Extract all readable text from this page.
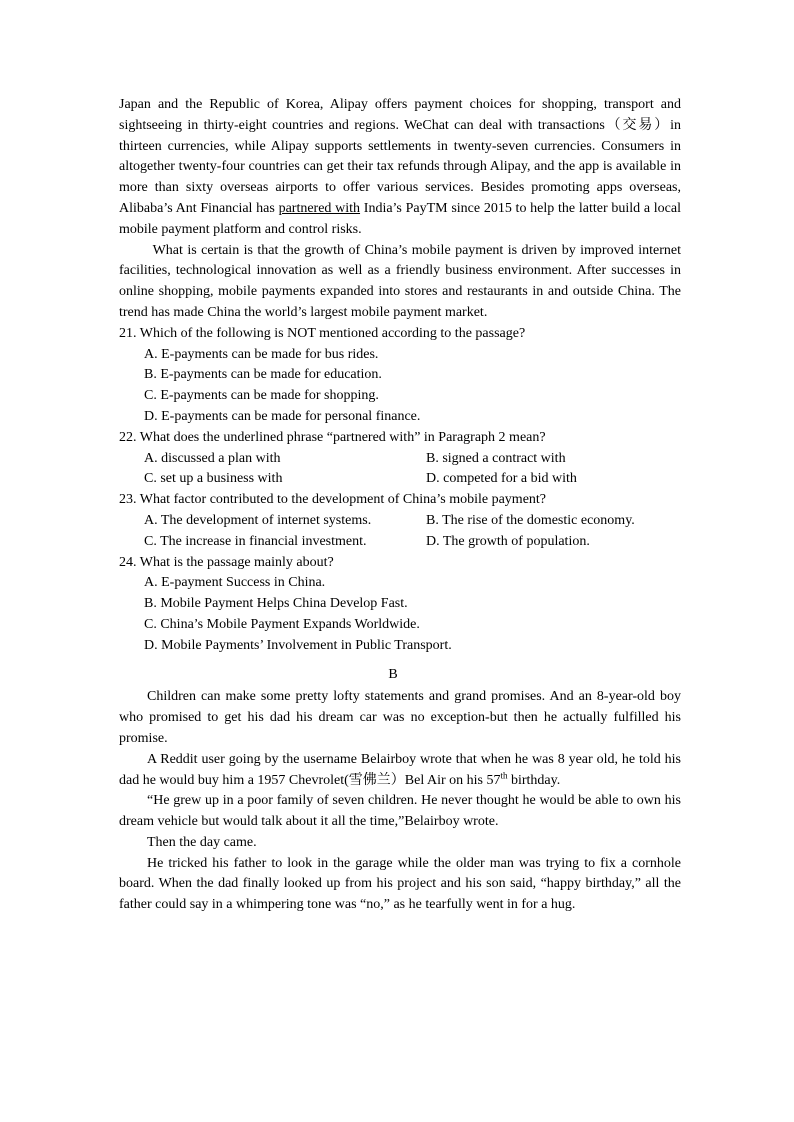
Japan and the Republic of Korea, Alipay offers payment choices for shopping, transport and sightseeing in thirty-eight countries and regions. WeChat can deal with transactions（交易）in thirteen currencies, while Alipay supports settlements in twenty-seven currencies. Consumers in altogether twenty-four countries can get their tax refunds through Alipay, and the app is available in more than sixty overseas airports to offer various services. Besides promoting apps overseas, Alibaba’s Ant Financial has partnered with India’s PayTM since 2015 to help the latter build a local mobile payment platform and control risks.

What is certain is that the growth of China’s mobile payment is driven by improved internet facilities, technological innovation as well as a friendly business environment. After successes in online shopping, mobile payments expanded into stores and restaurants in and outside China. The trend has made China the world’s largest mobile payment market.

21. Which of the following is NOT mentioned according to the passage?

A. E-payments can be made for bus rides.

B. E-payments can be made for education.

C. E-payments can be made for shopping.

D. E-payments can be made for personal finance.

22. What does the underlined phrase “partnered with” in Paragraph 2 mean?

A. discussed a plan with	B. signed a contract with
C. set up a business with	D. competed for a bid with

23. What factor contributed to the development of China’s mobile payment?

A. The development of internet systems.	B. The rise of the domestic economy.
C. The increase in financial investment.	D. The growth of population.

24. What is the passage mainly about?

A. E-payment Success in China.

B. Mobile Payment Helps China Develop Fast.

C. China’s Mobile Payment Expands Worldwide.

D. Mobile Payments’ Involvement in Public Transport.

B

Children can make some pretty lofty statements and grand promises. And an 8-year-old boy who promised to get his dad his dream car was no exception-but then he actually fulfilled his promise.

A Reddit user going by the username Belairboy wrote that when he was 8 year old, he told his dad he would buy him a 1957 Chevrolet(雪佛兰）Bel Air on his 57th birthday.

“He grew up in a poor family of seven children. He never thought he would be able to own his dream vehicle but would talk about it all the time,”Belairboy wrote.

Then the day came.

He tricked his father to look in the garage while the older man was trying to fix a cornhole board. When the dad finally looked up from his project and his son said, “happy birthday,” all the father could say in a whimpering tone was “no,” as he tearfully went in for a hug.
